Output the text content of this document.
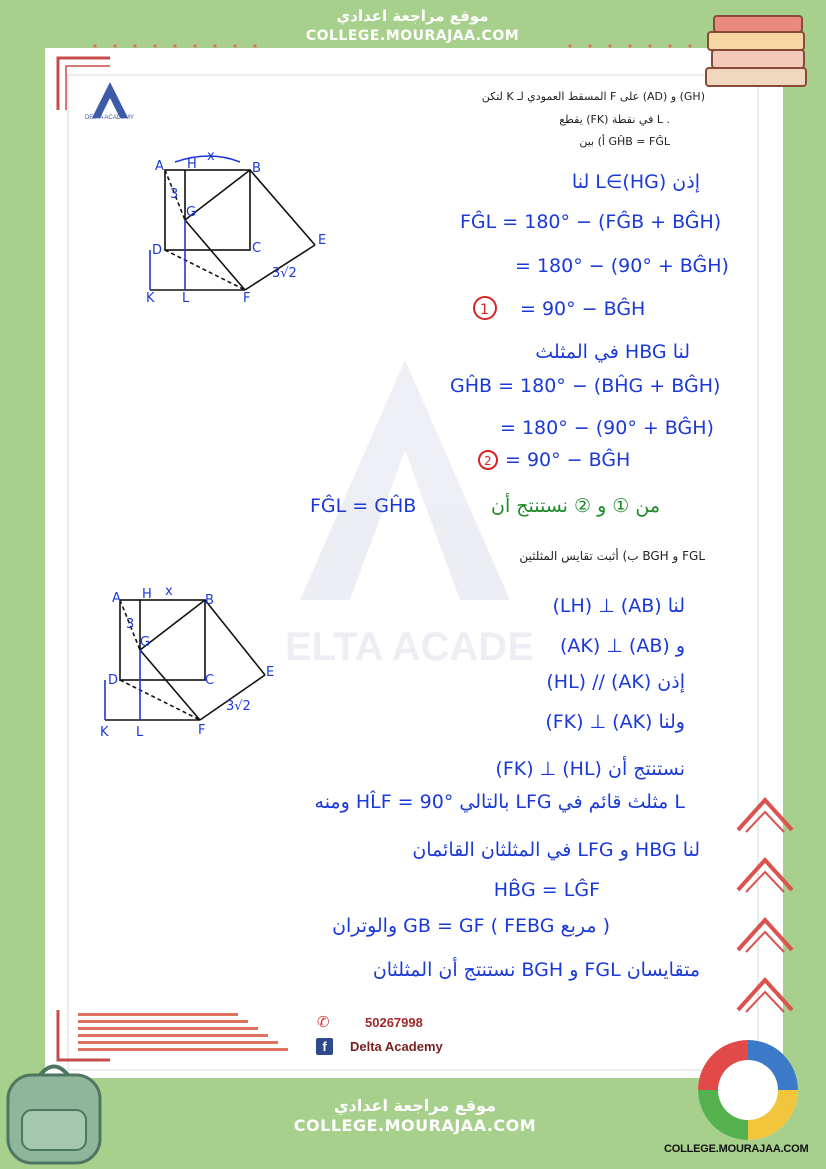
موقع مراجعة اعدادي
COLLEGE.MOURAJAA.COM
ELTA ACADE
A	B
C
D
E
F
G
H
K L
x
3
3√2
A	B
C
D
E
F
G
H
K L
x
3
3√2
لتكن K المسقط العمودي لـ F على (AD) و (GH)
يقطع (FK) في نقطة L .
أ) بين GĤB = FĜL
لنا L∈(HG) إذن
FĜL = 180° − (FĜB + BĜH)
= 180° − (90° + BĜH)
= 90° − BĜH
1
في المثلث HBG لنا
GĤB = 180° − (BĤG + BĜH)
= 180° − (90° + BĜH)
= 90° − BĜH
2
FĜL = GĤB	من ① و ② نستنتج أن
ب) أثبت تقايس المثلثين BGH و FGL
(LH) ⊥ (AB) لنا
(AK) ⊥ (AB) و
(HL) // (AK) إذن
(FK) ⊥ (AK) ولنا
(FK) ⊥ (HL) نستنتج أن
ومنه HL̂F = 90° بالتالي LFG مثلث قائم في L
في المثلثان القائمان LFG و HBG لنا
HB̂G = LĜF
والوتران GB = GF ( FEBG مربع )
نستنتج أن المثلثان BGH و FGL متقايسان
DELTA ACADEMY
✆	50267998
f	Delta Academy
موقع مراجعة اعدادي
COLLEGE.MOURAJAA.COM
COLLEGE.MOURAJAA.COM
